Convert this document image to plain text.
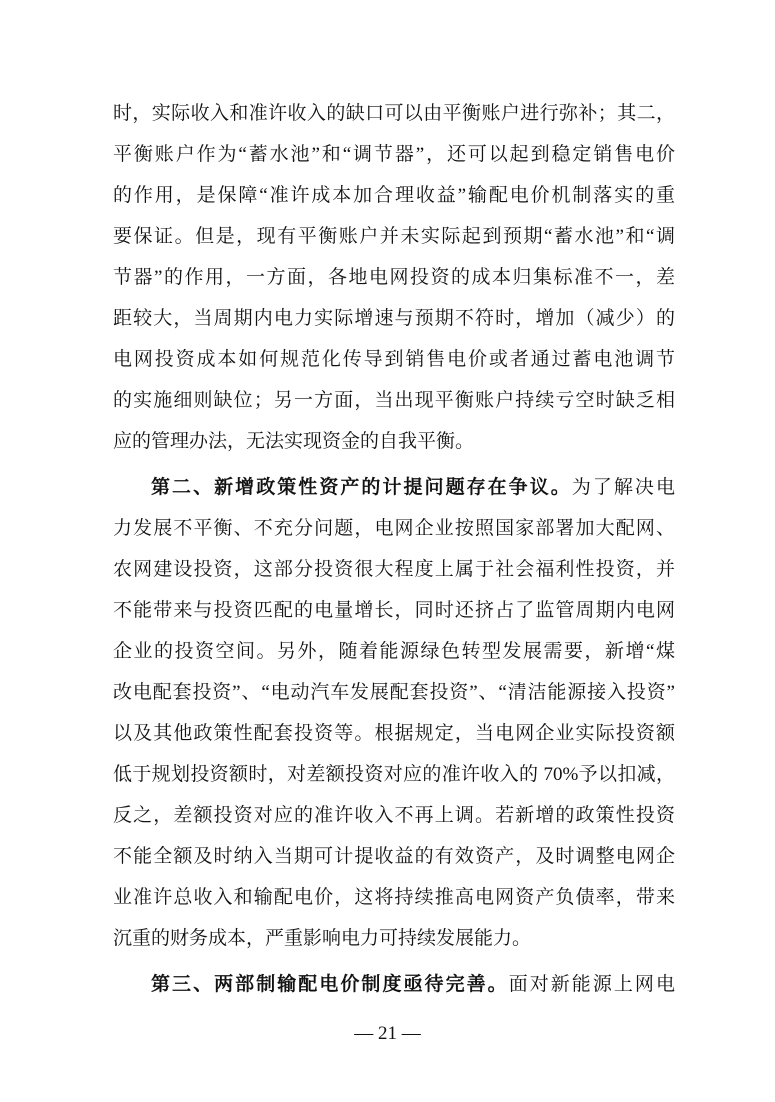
时，实际收入和准许收入的缺口可以由平衡账户进行弥补；其二，
平衡账户作为“蓄水池”和“调节器”，还可以起到稳定销售电价
的作用，是保障“准许成本加合理收益”输配电价机制落实的重
要保证。但是，现有平衡账户并未实际起到预期“蓄水池”和“调
节器”的作用，一方面，各地电网投资的成本归集标准不一，差
距较大，当周期内电力实际增速与预期不符时，增加（减少）的
电网投资成本如何规范化传导到销售电价或者通过蓄电池调节
的实施细则缺位；另一方面，当出现平衡账户持续亏空时缺乏相
应的管理办法，无法实现资金的自我平衡。
第二、新增政策性资产的计提问题存在争议。为了解决电
力发展不平衡、不充分问题，电网企业按照国家部署加大配网、
农网建设投资，这部分投资很大程度上属于社会福利性投资，并
不能带来与投资匹配的电量增长，同时还挤占了监管周期内电网
企业的投资空间。另外，随着能源绿色转型发展需要，新增“煤
改电配套投资”、“电动汽车发展配套投资”、“清洁能源接入投资”
以及其他政策性配套投资等。根据规定，当电网企业实际投资额
低于规划投资额时，对差额投资对应的准许收入的 70%予以扣减，
反之，差额投资对应的准许收入不再上调。若新增的政策性投资
不能全额及时纳入当期可计提收益的有效资产，及时调整电网企
业准许总收入和输配电价，这将持续推高电网资产负债率，带来
沉重的财务成本，严重影响电力可持续发展能力。
第三、两部制输配电价制度亟待完善。面对新能源上网电
— 21 —
